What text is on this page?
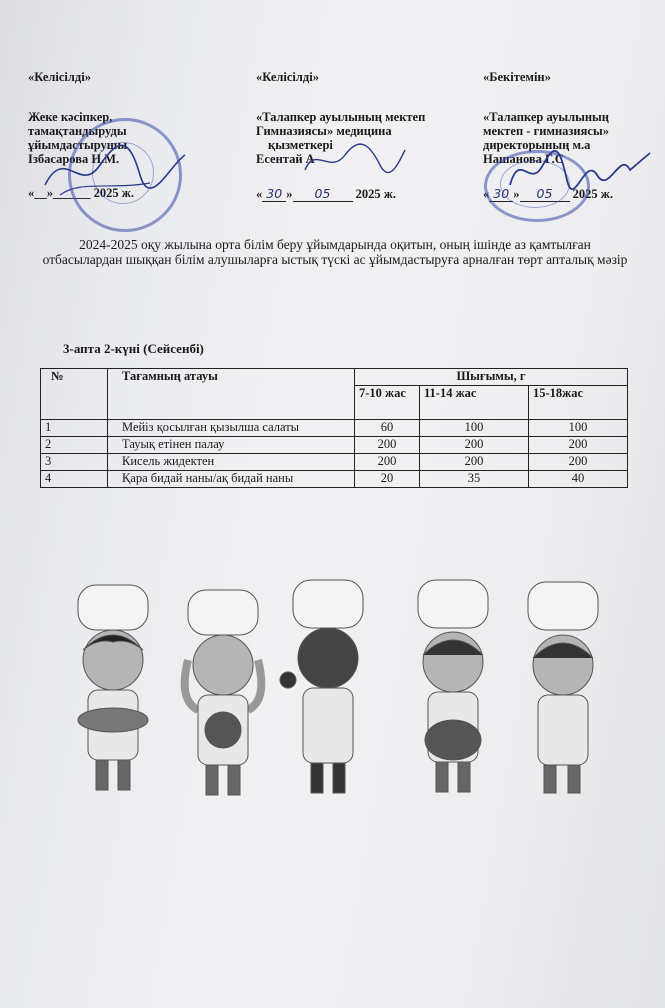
«Келісілді»
Жеке кәсіпкер,
тамақтандыруды
ұйымдастырушы
Ізбасарова Н.М.
«__»______ 2025 ж.
«Келісілді»
«Талапкер ауылының мектеп
Гимназиясы» медицина
қызметкері
Есентай А
« 30 » 05 2025 ж.
«Бекітемін»
«Талапкер ауылының
мектеп - гимназиясы»
директорының м.а
Нашанова Г.С
« 30 » 05 2025 ж.
2024-2025 оқу жылына орта білім беру ұйымдарында оқитын, оның ішінде аз қамтылған отбасылардан шыққан білім алушыларға ыстық түскі ас ұйымдастыруға арналған төрт апталық мәзір
3-апта 2-күні (Сейсенбі)
№	Тағамның атауы	Шығымы, г		
		7-10 жас	11-14 жас	15-18жас
1	Мейіз қосылған қызылша салаты	60	100	100
2	Тауық етінен палау	200	200	200
3	Кисель жидектен	200	200	200
4	Қара бидай наны/ақ бидай наны	20	35	40
